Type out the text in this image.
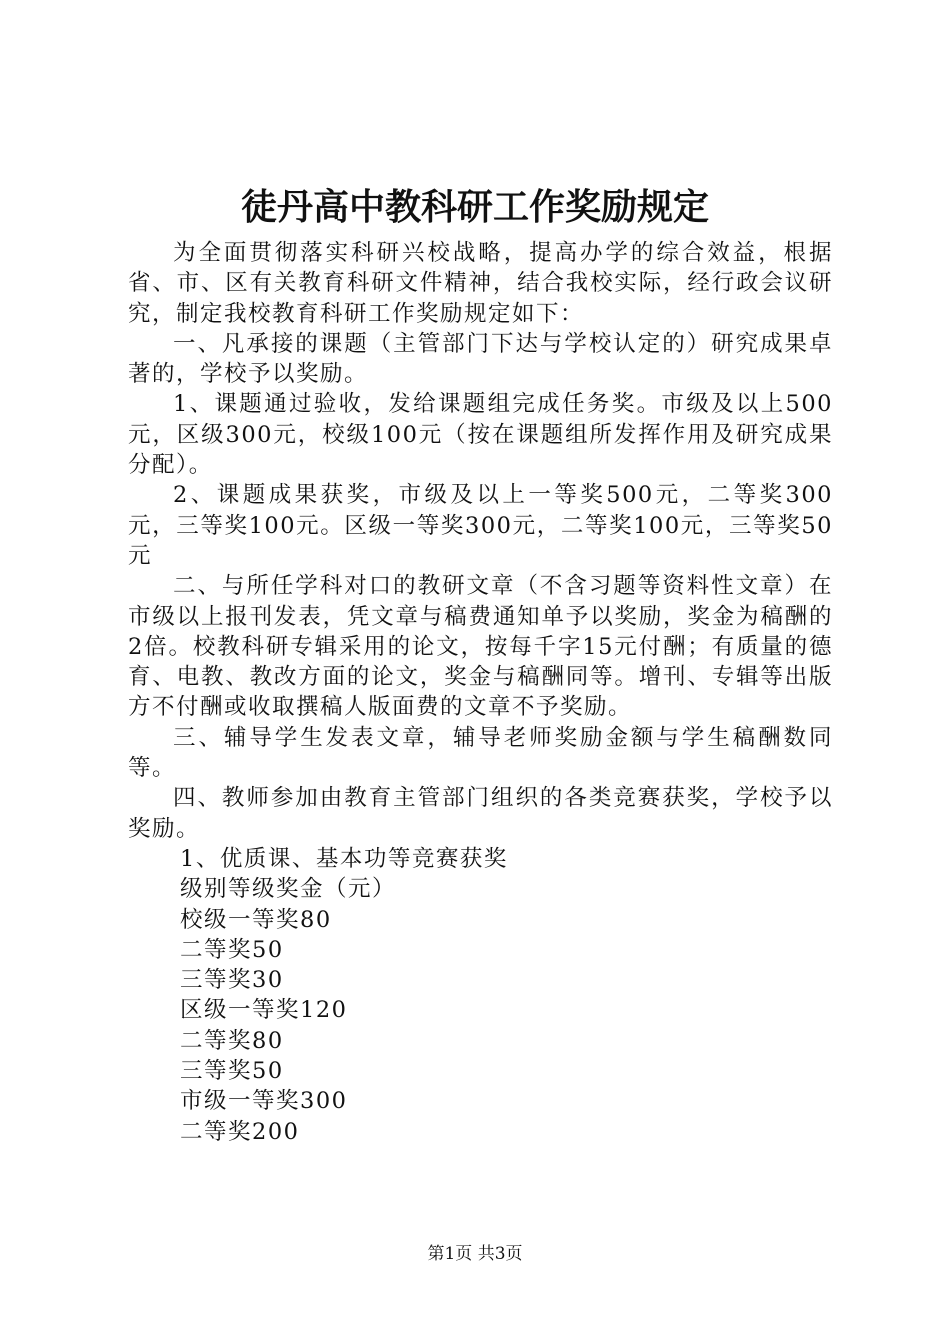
徒丹高中教科研工作奖励规定

为全面贯彻落实科研兴校战略，提高办学的综合效益，根据省、市、区有关教育科研文件精神，结合我校实际，经行政会议研究，制定我校教育科研工作奖励规定如下：

一、凡承接的课题（主管部门下达与学校认定的）研究成果卓著的，学校予以奖励。

1、课题通过验收，发给课题组完成任务奖。市级及以上500元，区级300元，校级100元（按在课题组所发挥作用及研究成果分配）。

2、课题成果获奖，市级及以上一等奖500元，二等奖300元，三等奖100元。区级一等奖300元，二等奖100元，三等奖50元

二、与所任学科对口的教研文章（不含习题等资料性文章）在市级以上报刊发表，凭文章与稿费通知单予以奖励，奖金为稿酬的2倍。校教科研专辑采用的论文，按每千字15元付酬；有质量的德育、电教、教改方面的论文，奖金与稿酬同等。增刊、专辑等出版方不付酬或收取撰稿人版面费的文章不予奖励。

三、辅导学生发表文章，辅导老师奖励金额与学生稿酬数同等。

四、教师参加由教育主管部门组织的各类竞赛获奖，学校予以奖励。

1、优质课、基本功等竞赛获奖

级别等级奖金（元）

校级一等奖80

二等奖50

三等奖30

区级一等奖120

二等奖80

三等奖50

市级一等奖300

二等奖200

第1页 共3页
